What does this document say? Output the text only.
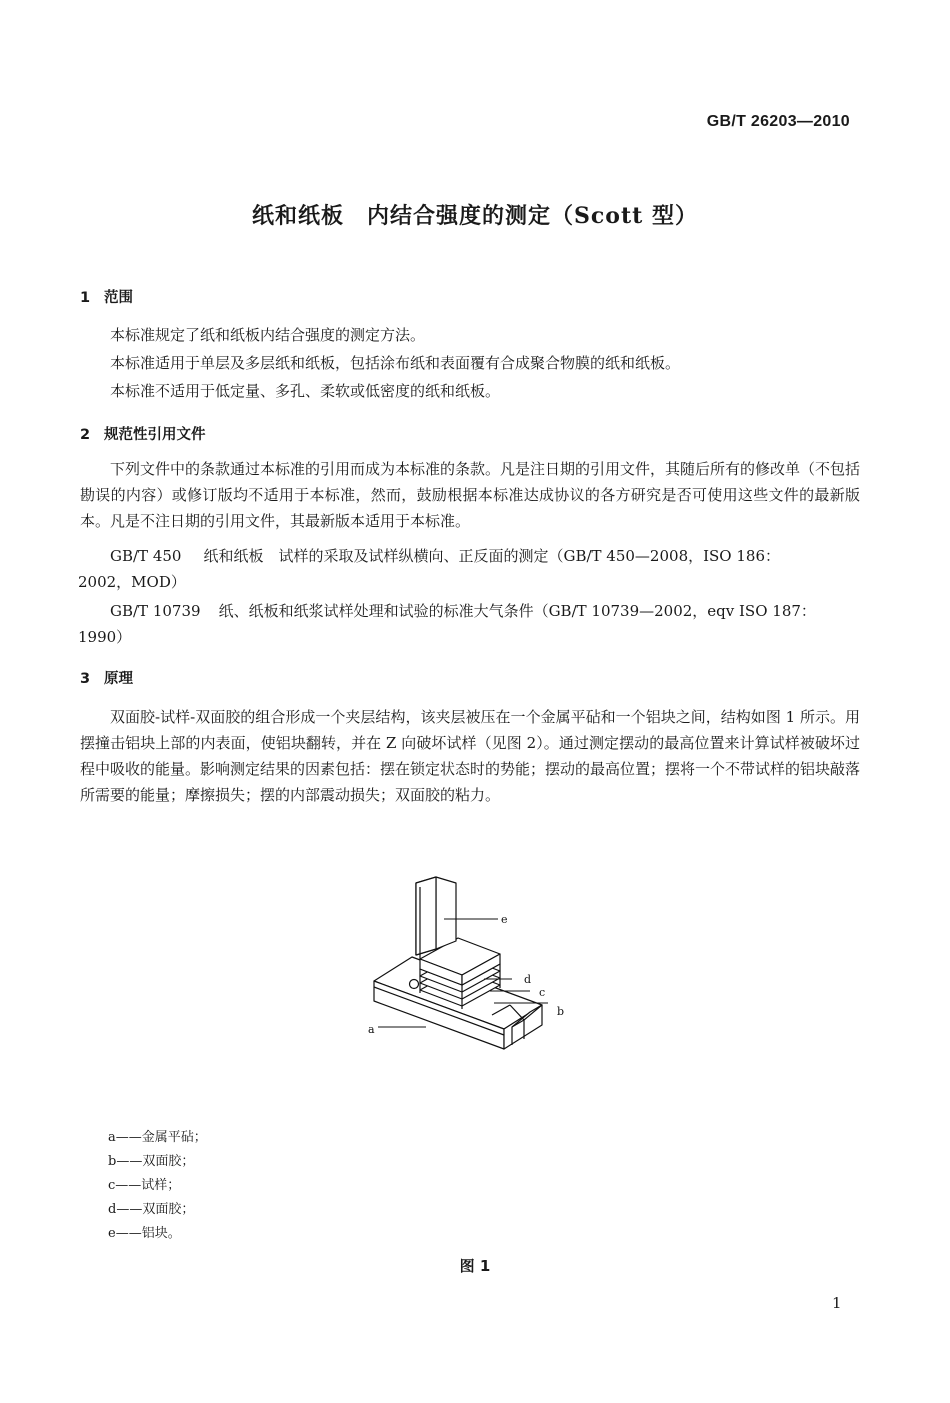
GB/T 26203—2010
纸和纸板　内结合强度的测定（Scott 型）
1 范围
本标准规定了纸和纸板内结合强度的测定方法。
本标准适用于单层及多层纸和纸板，包括涂布纸和表面覆有合成聚合物膜的纸和纸板。
本标准不适用于低定量、多孔、柔软或低密度的纸和纸板。
2 规范性引用文件
下列文件中的条款通过本标准的引用而成为本标准的条款。凡是注日期的引用文件，其随后所有的修改单（不包括勘误的内容）或修订版均不适用于本标准，然而，鼓励根据本标准达成协议的各方研究是否可使用这些文件的最新版本。凡是不注日期的引用文件，其最新版本适用于本标准。
GB/T 450 纸和纸板　试样的采取及试样纵横向、正反面的测定（GB/T 450—2008，ISO 186：
2002，MOD）
GB/T 10739 纸、纸板和纸浆试样处理和试验的标准大气条件（GB/T 10739—2002，eqv ISO 187：
1990）
3 原理
双面胶-试样-双面胶的组合形成一个夹层结构，该夹层被压在一个金属平砧和一个铝块之间，结构如图 1 所示。用摆撞击铝块上部的内表面，使铝块翻转，并在 Z 向破坏试样（见图 2）。通过测定摆动的最高位置来计算试样被破坏过程中吸收的能量。影响测定结果的因素包括：摆在锁定状态时的势能；摆动的最高位置；摆将一个不带试样的铝块敲落所需要的能量；摩擦损失；摆的内部震动损失；双面胶的粘力。
e
d
c
b
a
a——金属平砧；
b——双面胶；
c——试样；
d——双面胶；
e——铝块。
图 1
1
